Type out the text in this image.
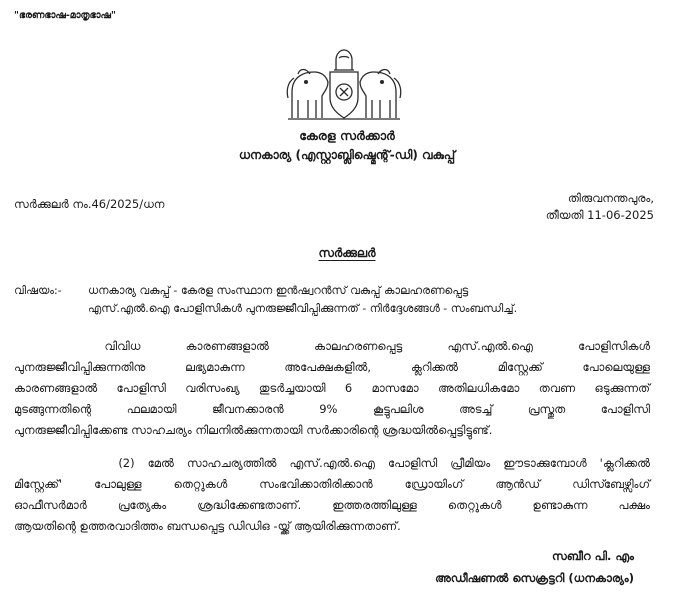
"ഭരണഭാഷ-മാതൃഭാഷ"

കേരള സർക്കാർ

ധനകാര്യ (എസ്റ്റാബ്ലിഷ്മെന്റ്-ഡി) വകുപ്പ്

സർക്കുലർ നം.46/2025/ധന	തിരുവനന്തപുരം,

തീയതി 11-06-2025

സർക്കുലർ

വിഷയം:- ധനകാര്യ വകുപ്പ് - കേരള സംസ്ഥാന ഇൻഷ്വറൻസ് വകുപ്പ് കാലഹരണപ്പെട്ട

എസ്.എൽ.ഐ പോളിസികൾ പുനരുജ്ജീവിപ്പിക്കുന്നത് - നിർദ്ദേശങ്ങൾ - സംബന്ധിച്ച്.

വിവിധ    കാരണങ്ങളാൽ    കാലഹരണപ്പെട്ട    എസ്.എൽ.ഐ    പോളിസികൾ

പുനരുജ്ജീവിപ്പിക്കുന്നതിനു ലഭ്യമാകുന്ന അപേക്ഷകളിൽ, ക്ലറിക്കൽ മിസ്റ്റേക്ക് പോലെയുള്ള

കാരണങ്ങളാൽ പോളിസി വരിസംഖ്യ തുടർച്ചയായി 6 മാസമോ അതിലധികമോ തവണ ഒടുക്കുന്നത്

മുടങ്ങുന്നതിന്റെ ഫലമായി ജീവനക്കാരൻ 9% കൂട്ടുപലിശ അടച്ച് പ്രസ്തുത പോളിസി

പുനരുജ്ജീവിപ്പിക്കേണ്ട സാഹചര്യം നിലനിൽക്കുന്നതായി സർക്കാരിന്റെ ശ്രദ്ധയിൽപ്പെട്ടിട്ടുണ്ട്.

(2) മേൽ സാഹചര്യത്തിൽ എസ്.എൽ.ഐ പോളിസി പ്രീമിയം ഈടാക്കുമ്പോൾ 'ക്ലറിക്കൽ

മിസ്റ്റേക്ക്' പോലുള്ള തെറ്റുകൾ സംഭവിക്കാതിരിക്കാൻ ഡ്രോയിംഗ് ആൻഡ് ഡിസ്ബേഴ്സിംഗ്

ഓഫീസർമാർ പ്രത്യേകം ശ്രദ്ധിക്കേണ്ടതാണ്. ഇത്തരത്തിലുള്ള തെറ്റുകൾ ഉണ്ടാകുന്ന പക്ഷം

ആയതിന്റെ ഉത്തരവാദിത്തം ബന്ധപ്പെട്ട ഡിഡിഒ -യ്ക്ക് ആയിരിക്കുന്നതാണ്.

സബീറ പി. എം

അഡീഷണൽ സെക്രട്ടറി (ധനകാര്യം)
